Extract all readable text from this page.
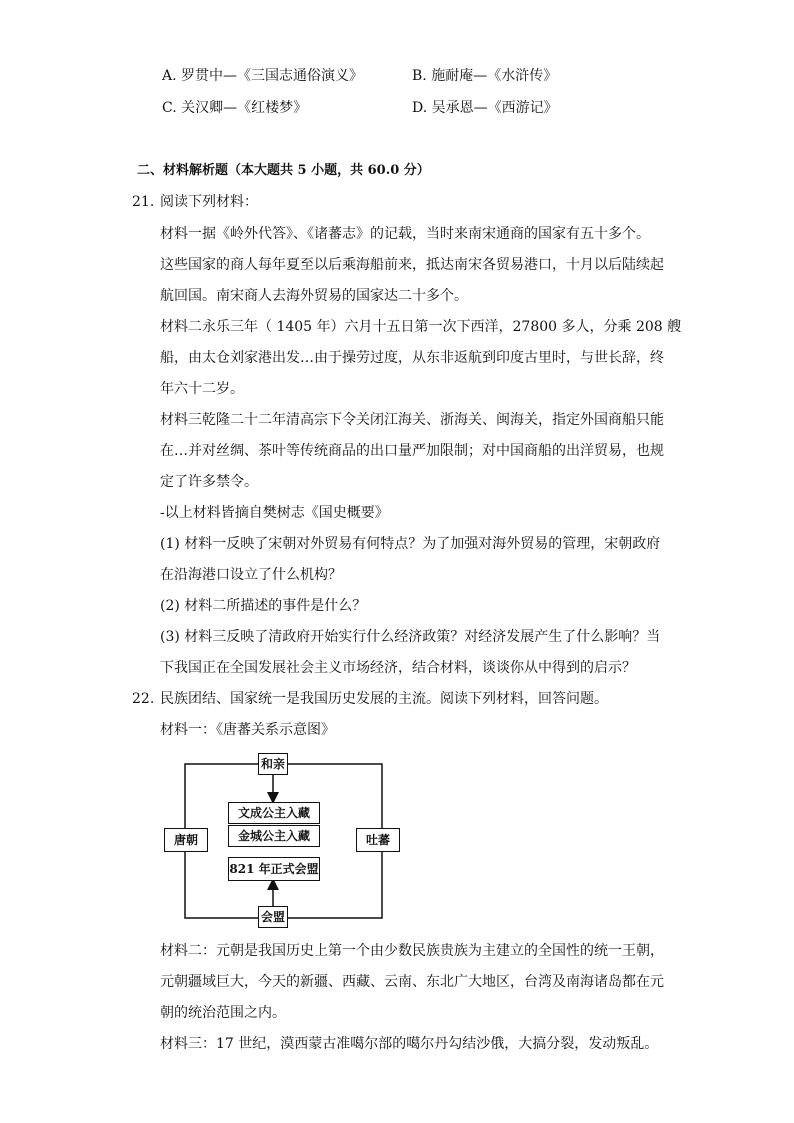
A. 罗贯中—《三国志通俗演义》	B. 施耐庵—《水浒传》
C. 关汉卿—《红楼梦》	D. 吴承恩—《西游记》
二、材料解析题（本大题共 5 小题，共 60.0 分）
21. 阅读下列材料：
材料一据《岭外代答》、《诸蕃志》的记载，当时来南宋通商的国家有五十多个。
这些国家的商人每年夏至以后乘海船前来，抵达南宋各贸易港口，十月以后陆续起
航回国。南宋商人去海外贸易的国家达二十多个。
材料二永乐三年（ 1405 年）六月十五日第一次下西洋，27800 多人，分乘 208 艘
船，由太仓刘家港出发…由于操劳过度，从东非返航到印度古里时，与世长辞，终
年六十二岁。
材料三乾隆二十二年清高宗下令关闭江海关、浙海关、闽海关，指定外国商船只能
在…并对丝绸、茶叶等传统商品的出口量严加限制；对中国商船的出洋贸易，也规
定了许多禁令。
-以上材料皆摘自樊树志《国史概要》
(1) 材料一反映了宋朝对外贸易有何特点？为了加强对海外贸易的管理，宋朝政府
在沿海港口设立了什么机构？
(2) 材料二所描述的事件是什么？
(3) 材料三反映了清政府开始实行什么经济政策？对经济发展产生了什么影响？当
下我国正在全国发展社会主义市场经济，结合材料，谈谈你从中得到的启示？
22. 民族团结、国家统一是我国历史发展的主流。阅读下列材料，回答问题。
材料一：《唐蕃关系示意图》
和亲
文成公主入藏
金城公主入藏
821 年正式会盟
唐朝	吐蕃
会盟
材料二：元朝是我国历史上第一个由少数民族贵族为主建立的全国性的统一王朝，
元朝疆域巨大，今天的新疆、西藏、云南、东北广大地区，台湾及南海诸岛都在元
朝的统治范围之内。
材料三：17 世纪，漠西蒙古准噶尔部的噶尔丹勾结沙俄，大搞分裂，发动叛乱。
